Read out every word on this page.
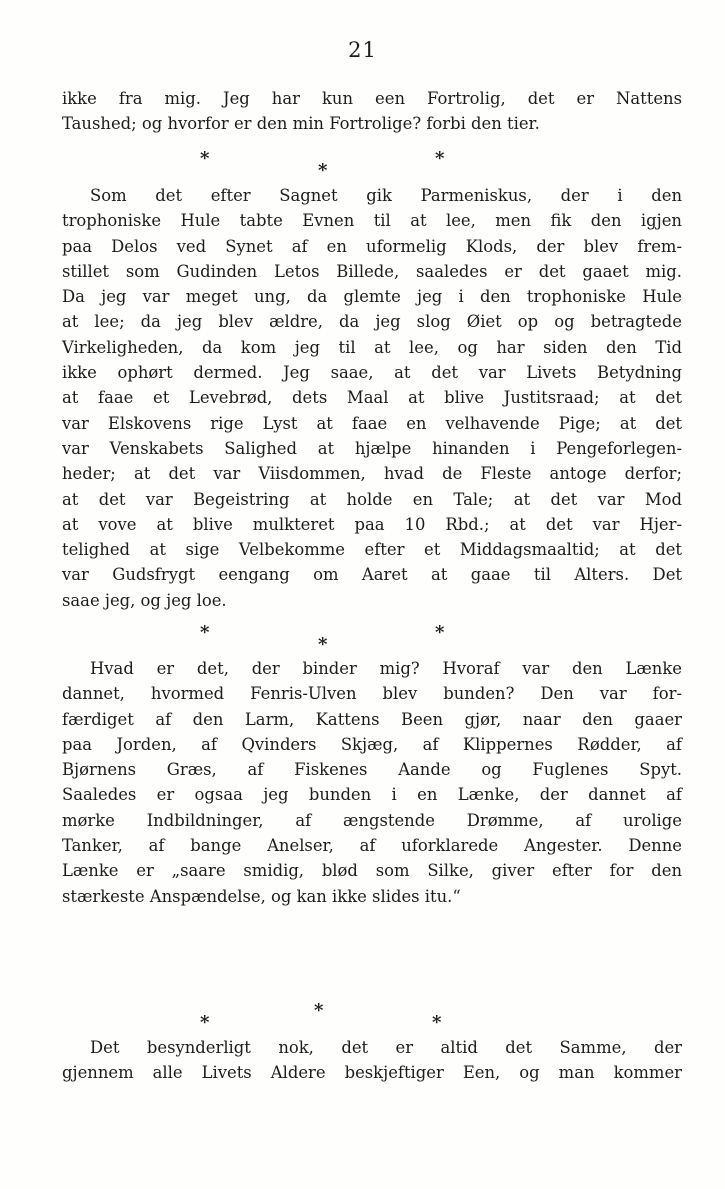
21
ikke fra mig. Jeg har kun een Fortrolig, det er Nattens
Taushed; og hvorfor er den min Fortrolige? forbi den tier.
*
*
*
Som det efter Sagnet gik Parmeniskus, der i den
trophoniske Hule tabte Evnen til at lee, men fik den igjen
paa Delos ved Synet af en uformelig Klods, der blev frem-
stillet som Gudinden Letos Billede, saaledes er det gaaet mig.
Da jeg var meget ung, da glemte jeg i den trophoniske Hule
at lee; da jeg blev ældre, da jeg slog Øiet op og betragtede
Virkeligheden, da kom jeg til at lee, og har siden den Tid
ikke ophørt dermed. Jeg saae, at det var Livets Betydning
at faae et Levebrød, dets Maal at blive Justitsraad; at det
var Elskovens rige Lyst at faae en velhavende Pige; at det
var Venskabets Salighed at hjælpe hinanden i Pengeforlegen-
heder; at det var Viisdommen, hvad de Fleste antoge derfor;
at det var Begeistring at holde en Tale; at det var Mod
at vove at blive mulkteret paa 10 Rbd.; at det var Hjer-
telighed at sige Velbekomme efter et Middagsmaaltid; at det
var Gudsfrygt eengang om Aaret at gaae til Alters. Det
saae jeg, og jeg loe.
*
*
*
Hvad er det, der binder mig? Hvoraf var den Lænke
dannet, hvormed Fenris-Ulven blev bunden? Den var for-
færdiget af den Larm, Kattens Been gjør, naar den gaaer
paa Jorden, af Qvinders Skjæg, af Klippernes Rødder, af
Bjørnens Græs, af Fiskenes Aande og Fuglenes Spyt.
Saaledes er ogsaa jeg bunden i en Lænke, der dannet af
mørke Indbildninger, af ængstende Drømme, af urolige
Tanker, af bange Anelser, af uforklarede Angester. Denne
Lænke er „saare smidig, blød som Silke, giver efter for den
stærkeste Anspændelse, og kan ikke slides itu.“
*
*
*
Det besynderligt nok, det er altid det Samme, der
gjennem alle Livets Aldere beskjeftiger Een, og man kommer
